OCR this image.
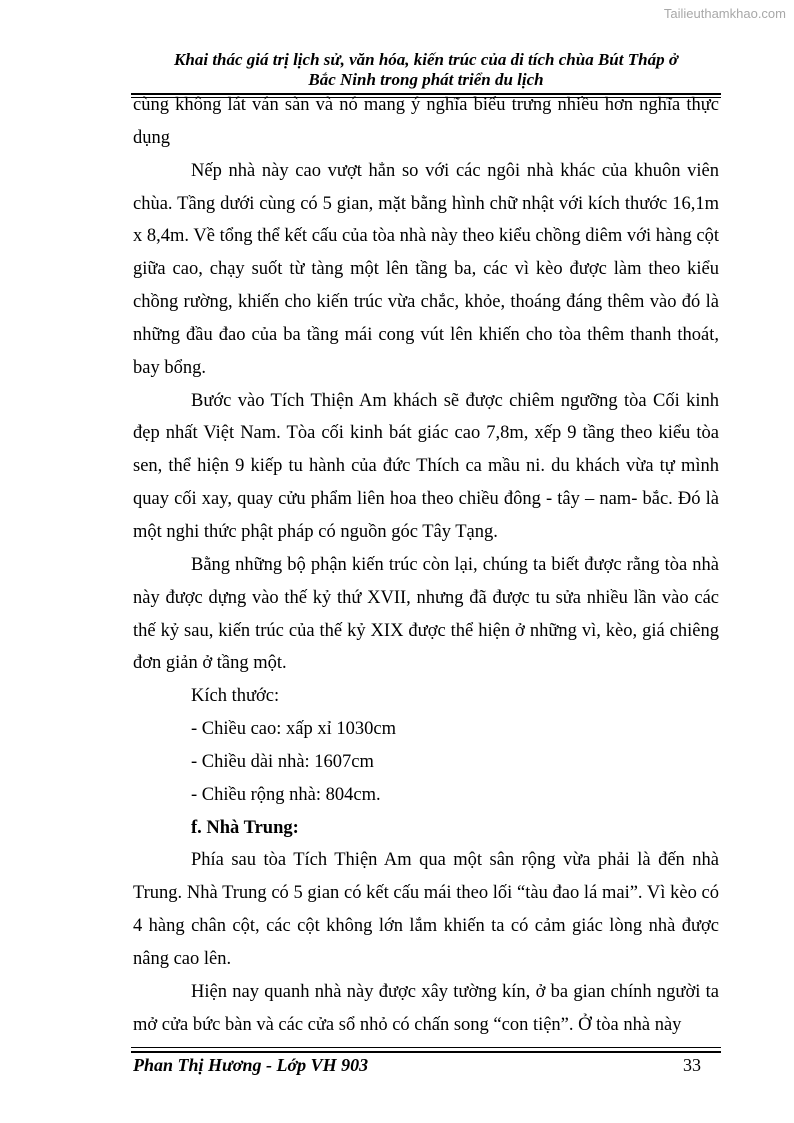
Tailieuthamkhao.com
Khai thác giá trị lịch sử, văn hóa, kiến trúc của di tích chùa Bút Tháp ở
Bắc Ninh trong phát triển du lịch

cùng không lát ván sàn và nó mang ý nghĩa biểu trưng nhiều hơn nghĩa thực dụng

Nếp nhà này cao vượt hẳn so với các ngôi nhà khác của khuôn viên chùa. Tầng dưới cùng có 5 gian, mặt bằng hình chữ nhật với kích thước 16,1m x 8,4m. Về tổng thể kết cấu của tòa nhà này theo kiểu chồng diêm với hàng cột giữa cao, chạy suốt từ tàng một lên tầng ba, các vì kèo được làm theo kiểu chồng rường, khiến cho kiến trúc vừa chắc, khỏe, thoáng đáng thêm vào đó là những đầu đao của ba tầng mái cong vút lên khiến cho tòa thêm thanh thoát, bay bổng.

Bước vào Tích Thiện Am khách sẽ được chiêm ngưỡng tòa Cối kinh đẹp nhất Việt Nam. Tòa cối kinh bát giác cao 7,8m, xếp 9 tầng theo kiểu tòa sen, thể hiện 9 kiếp tu hành của đức Thích ca mầu ni. du khách vừa tự mình quay cối xay, quay cửu phẩm liên hoa theo chiều đông - tây – nam- bắc. Đó là một nghi thức phật pháp có nguồn góc Tây Tạng.

Bằng những bộ phận kiến trúc còn lại, chúng ta biết được rằng tòa nhà này được dựng vào thế kỷ thứ XVII, nhưng đã được tu sửa nhiều lần vào các thế kỷ sau, kiến trúc của thế kỷ XIX được thể hiện ở những vì, kèo, giá chiêng đơn giản ở tầng một.

Kích thước:

- Chiều cao: xấp xỉ 1030cm

- Chiều dài nhà: 1607cm

- Chiều rộng nhà: 804cm.

f. Nhà Trung:

Phía sau tòa Tích Thiện Am qua một sân rộng vừa phải là đến nhà Trung. Nhà Trung có 5 gian có kết cấu mái theo lối “tàu đao lá mai”. Vì kèo có 4 hàng chân cột, các cột không lớn lắm khiến ta có cảm giác lòng nhà được nâng cao lên.

Hiện nay quanh nhà này được xây tường kín, ở ba gian chính người ta mở cửa bức bàn và các cửa sổ nhỏ có chấn song “con tiện”. Ở tòa nhà này

Phan Thị Hương - Lớp VH 903	33
